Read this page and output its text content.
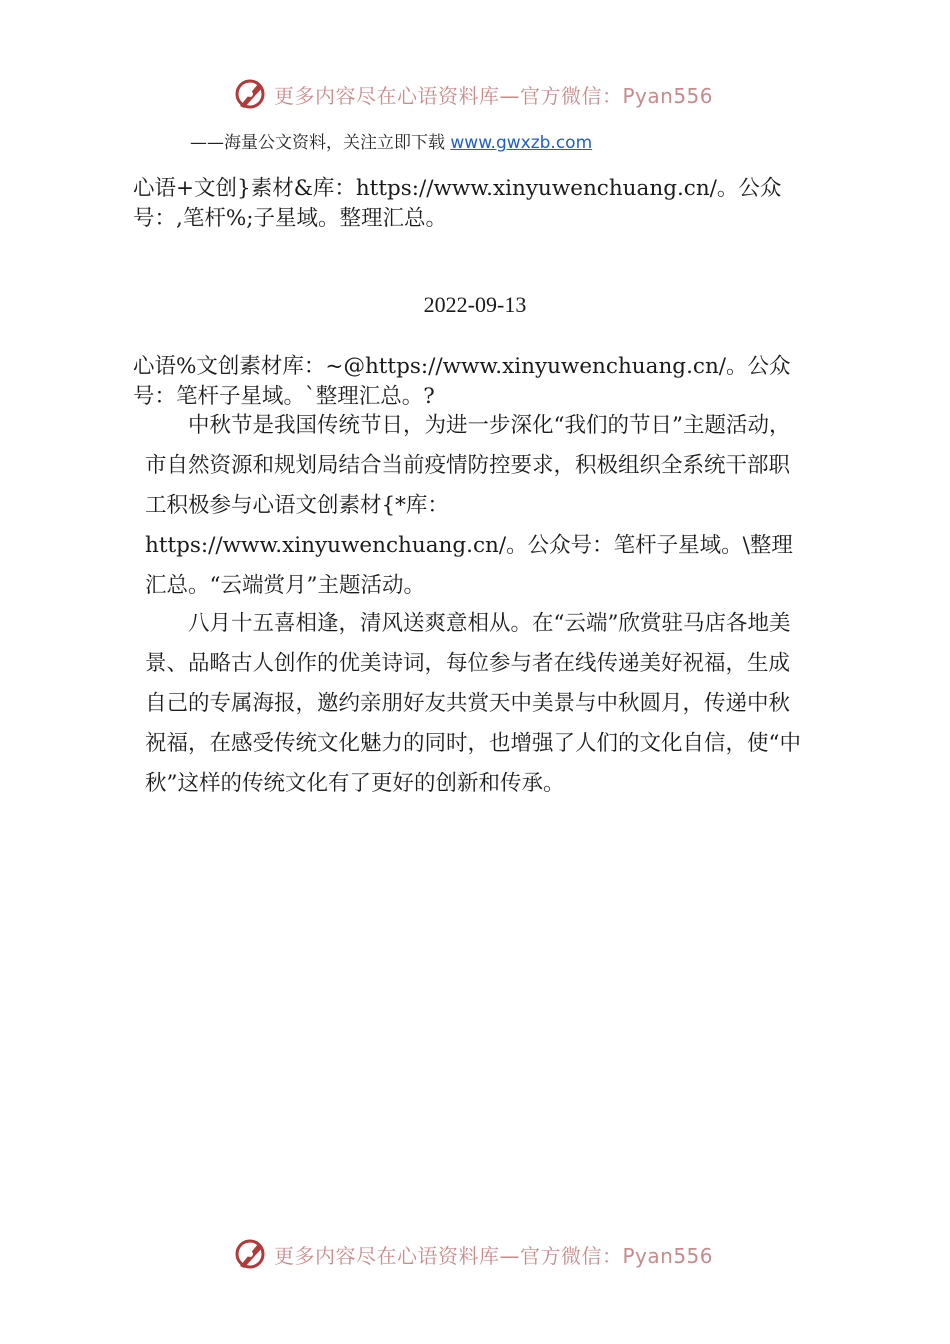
更多内容尽在心语资料库—官方微信：Pyan556
——海量公文资料，关注立即下载 www.gwxzb.com

心语+文创}素材&库：https://www.xinyuwenchuang.cn/。公众号：,笔杆%;子星域。整理汇总。

2022-09-13

心语%文创素材库：~@https://www.xinyuwenchuang.cn/。公众号：笔杆子星域。`整理汇总。?

中秋节是我国传统节日，为进一步深化“我们的节日”主题活动，市自然资源和规划局结合当前疫情防控要求，积极组织全系统干部职工积极参与心语文创素材{*库：https://www.xinyuwenchuang.cn/。公众号：笔杆子星域。\整理汇总。“云端赏月”主题活动。

八月十五喜相逢，清风送爽意相从。在“云端”欣赏驻马店各地美景、品略古人创作的优美诗词，每位参与者在线传递美好祝福，生成自己的专属海报，邀约亲朋好友共赏天中美景与中秋圆月，传递中秋祝福，在感受传统文化魅力的同时，也增强了人们的文化自信，使“中秋”这样的传统文化有了更好的创新和传承。

更多内容尽在心语资料库—官方微信：Pyan556
